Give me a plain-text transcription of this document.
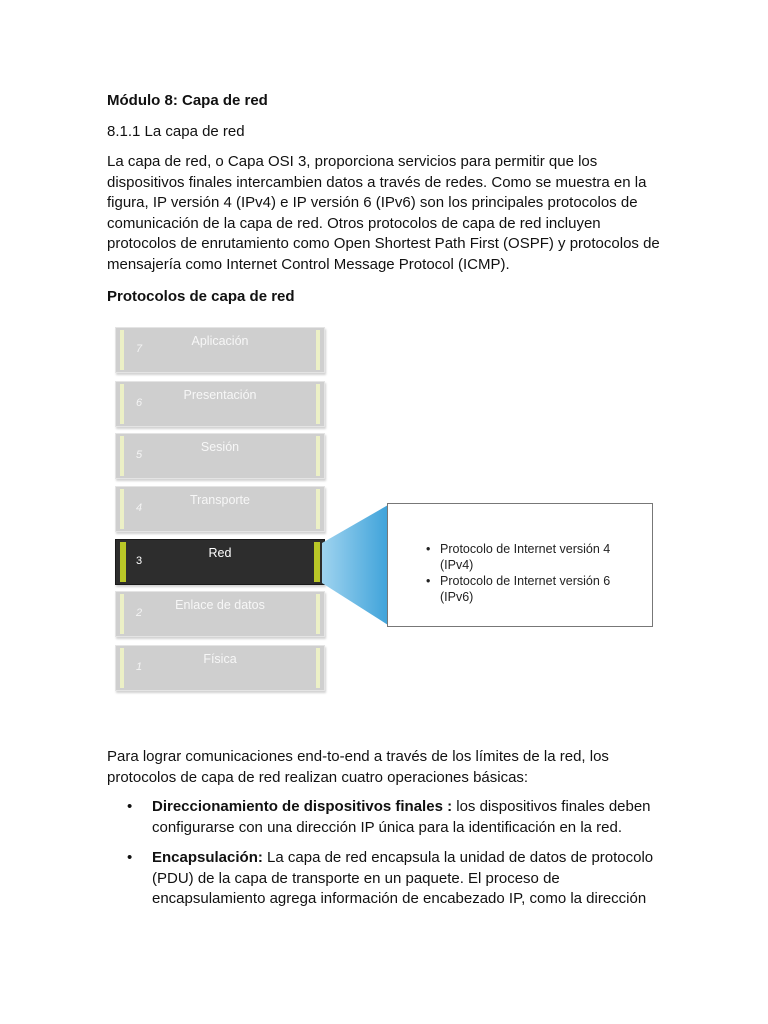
Módulo 8: Capa de red

8.1.1 La capa de red

La capa de red, o Capa OSI 3, proporciona servicios para permitir que los dispositivos finales intercambien datos a través de redes. Como se muestra en la figura, IP versión 4 (IPv4) e IP versión 6 (IPv6) son los principales protocolos de comunicación de la capa de red. Otros protocolos de capa de red incluyen protocolos de enrutamiento como Open Shortest Path First (OSPF) y protocolos de mensajería como Internet Control Message Protocol (ICMP).

Protocolos de capa de red

7
Aplicación
6
Presentación
5
Sesión
4
Transporte
3
Red
2
Enlace de datos
1
Física
• Protocolo de Internet versión 4 (IPv4)
• Protocolo de Internet versión 6 (IPv6)

Para lograr comunicaciones end-to-end a través de los límites de la red, los protocolos de capa de red realizan cuatro operaciones básicas:

• Direccionamiento de dispositivos finales : los dispositivos finales deben configurarse con una dirección IP única para la identificación en la red.
• Encapsulación: La capa de red encapsula la unidad de datos de protocolo (PDU) de la capa de transporte en un paquete. El proceso de encapsulamiento agrega información de encabezado IP, como la dirección
